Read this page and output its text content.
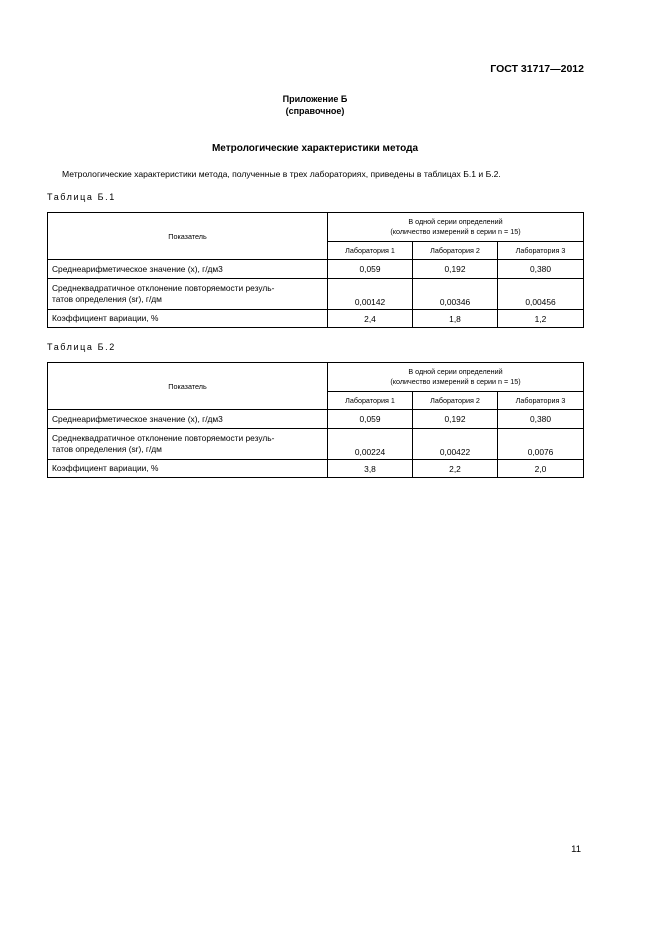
ГОСТ 31717—2012
Приложение Б
(справочное)
Метрологические характеристики метода
Метрологические характеристики метода, полученные в трех лабораториях, приведены в таблицах Б.1 и Б.2.
Таблица Б.1
Показатель	В одной серии определений
(количество измерений в серии n = 15)		

	Лаборатория 1	Лаборатория 2	Лаборатория 3
Среднеарифметическое значение (x), г/дм3	0,059	0,192	0,380

Среднеквадратичное отклонение повторяемости резуль-
татов определения (sr), г/дм	0,00142	0,00346	0,00456
Коэффициент вариации, %	2,4	1,8	1,2
Таблица Б.2
Показатель	В одной серии определений
(количество измерений в серии n = 15)		

	Лаборатория 1	Лаборатория 2	Лаборатория 3
Среднеарифметическое значение (x), г/дм3	0,059	0,192	0,380

Среднеквадратичное отклонение повторяемости резуль-
татов определения (sr), г/дм	0,00224	0,00422	0,0076
Коэффициент вариации, %	3,8	2,2	2,0
11
